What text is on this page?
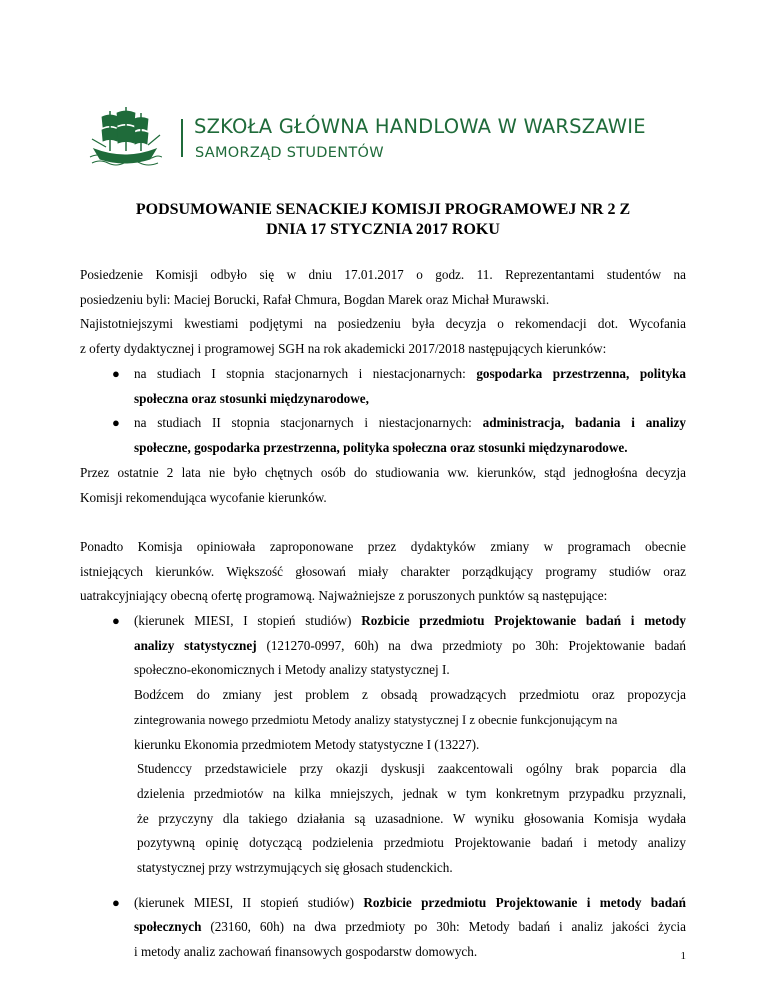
SZKOŁA GŁÓWNA HANDLOWA W WARSZAWIE
SAMORZĄD STUDENTÓW
PODSUMOWANIE SENACKIEJ KOMISJI PROGRAMOWEJ NR 2 Z
DNIA 17 STYCZNIA 2017 ROKU
Posiedzenie Komisji odbyło się w dniu 17.01.2017 o godz. 11. Reprezentantami studentów na
posiedzeniu byli: Maciej Borucki, Rafał Chmura, Bogdan Marek oraz Michał Murawski.
Najistotniejszymi kwestiami podjętymi na posiedzeniu była decyzja o rekomendacji dot. Wycofania
z oferty dydaktycznej i programowej SGH na rok akademicki 2017/2018 następujących kierunków:
● na studiach I stopnia stacjonarnych i niestacjonarnych: gospodarka przestrzenna, polityka
społeczna oraz stosunki międzynarodowe,
● na studiach II stopnia stacjonarnych i niestacjonarnych: administracja, badania i analizy
społeczne, gospodarka przestrzenna, polityka społeczna oraz stosunki międzynarodowe.
Przez ostatnie 2 lata nie było chętnych osób do studiowania ww. kierunków, stąd jednogłośna decyzja
Komisji rekomendująca wycofanie kierunków.
Ponadto Komisja opiniowała zaproponowane przez dydaktyków zmiany w programach obecnie
istniejących kierunków. Większość głosowań miały charakter porządkujący programy studiów oraz
uatrakcyjniający obecną ofertę programową. Najważniejsze z poruszonych punktów są następujące:
● (kierunek MIESI, I stopień studiów) Rozbicie przedmiotu Projektowanie badań i metody
analizy statystycznej (121270-0997, 60h) na dwa przedmioty po 30h: Projektowanie badań
społeczno-ekonomicznych i Metody analizy statystycznej I.
Bodźcem do zmiany jest problem z obsadą prowadzących przedmiotu oraz propozycja
zintegrowania nowego przedmiotu Metody analizy statystycznej I z obecnie funkcjonującym na
kierunku Ekonomia przedmiotem Metody statystyczne I (13227).
Studenccy przedstawiciele przy okazji dyskusji zaakcentowali ogólny brak poparcia dla
dzielenia przedmiotów na kilka mniejszych, jednak w tym konkretnym przypadku przyznali,
że przyczyny dla takiego działania są uzasadnione. W wyniku głosowania Komisja wydała
pozytywną opinię dotyczącą podzielenia przedmiotu Projektowanie badań i metody analizy
statystycznej przy wstrzymujących się głosach studenckich.
● (kierunek MIESI, II stopień studiów) Rozbicie przedmiotu Projektowanie i metody badań
społecznych (23160, 60h) na dwa przedmioty po 30h: Metody badań i analiz jakości życia
i metody analiz zachowań finansowych gospodarstw domowych.	1
